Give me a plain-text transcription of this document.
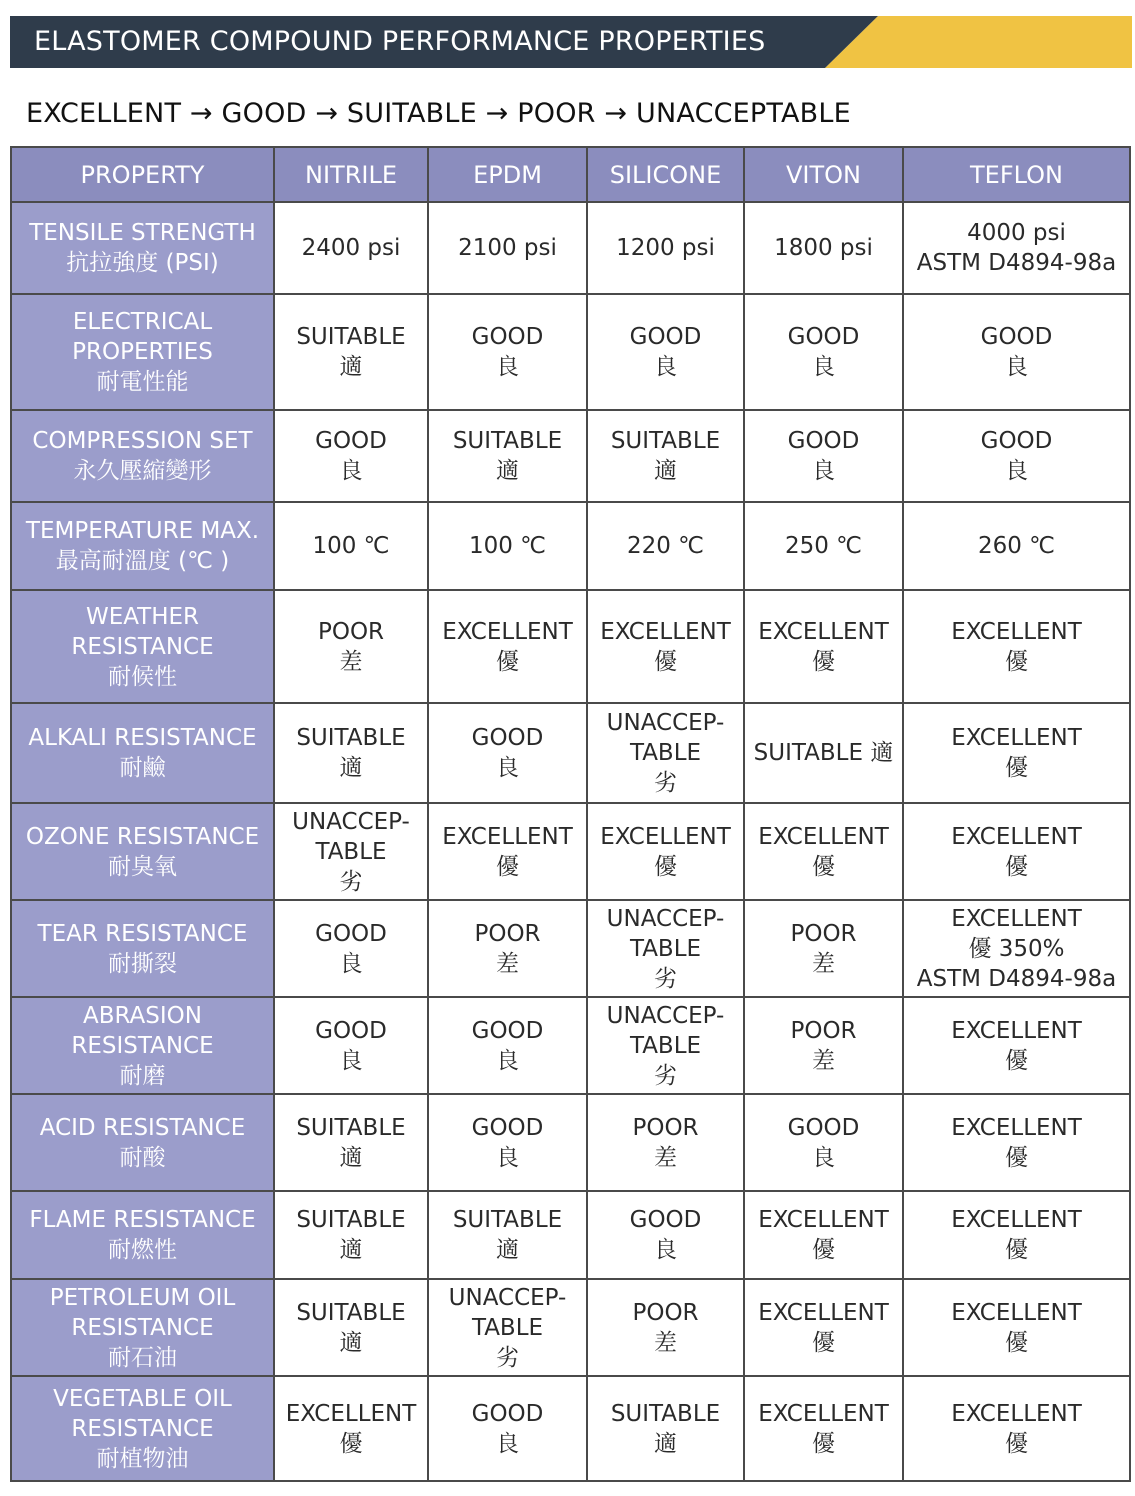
ELASTOMER COMPOUND PERFORMANCE PROPERTIES
EXCELLENT → GOOD → SUITABLE → POOR → UNACCEPTABLE
PROPERTY	NITRILE	EPDM	SILICONE	VITON	TEFLON

TENSILE STRENGTH
抗拉強度 (PSI)	2400 psi	2100 psi	1200 psi	1800 psi	4000 psi
ASTM D4894-98a

ELECTRICAL
PROPERTIES
耐電性能	SUITABLE
適	GOOD
良	GOOD
良	GOOD
良	GOOD
良

COMPRESSION SET
永久壓縮變形	GOOD
良	SUITABLE
適	SUITABLE
適	GOOD
良	GOOD
良

TEMPERATURE MAX.
最高耐溫度 (℃ )	100 ℃	100 ℃	220 ℃	250 ℃	260 ℃

WEATHER
RESISTANCE
耐候性	POOR
差	EXCELLENT
優	EXCELLENT
優	EXCELLENT
優	EXCELLENT
優

ALKALI RESISTANCE
耐鹼	SUITABLE
適	GOOD
良	UNACCEP-
TABLE
劣	SUITABLE 適	EXCELLENT
優

OZONE RESISTANCE
耐臭氧	UNACCEP-
TABLE
劣	EXCELLENT
優	EXCELLENT
優	EXCELLENT
優	EXCELLENT
優

TEAR RESISTANCE
耐撕裂	GOOD
良	POOR
差	UNACCEP-
TABLE
劣	POOR
差	EXCELLENT
優 350%
ASTM D4894-98a

ABRASION
RESISTANCE
耐磨	GOOD
良	GOOD
良	UNACCEP-
TABLE
劣	POOR
差	EXCELLENT
優

ACID RESISTANCE
耐酸	SUITABLE
適	GOOD
良	POOR
差	GOOD
良	EXCELLENT
優

FLAME RESISTANCE
耐燃性	SUITABLE
適	SUITABLE
適	GOOD
良	EXCELLENT
優	EXCELLENT
優

PETROLEUM OIL
RESISTANCE
耐石油	SUITABLE
適	UNACCEP-
TABLE
劣	POOR
差	EXCELLENT
優	EXCELLENT
優

VEGETABLE OIL
RESISTANCE
耐植物油	EXCELLENT
優	GOOD
良	SUITABLE
適	EXCELLENT
優	EXCELLENT
優
